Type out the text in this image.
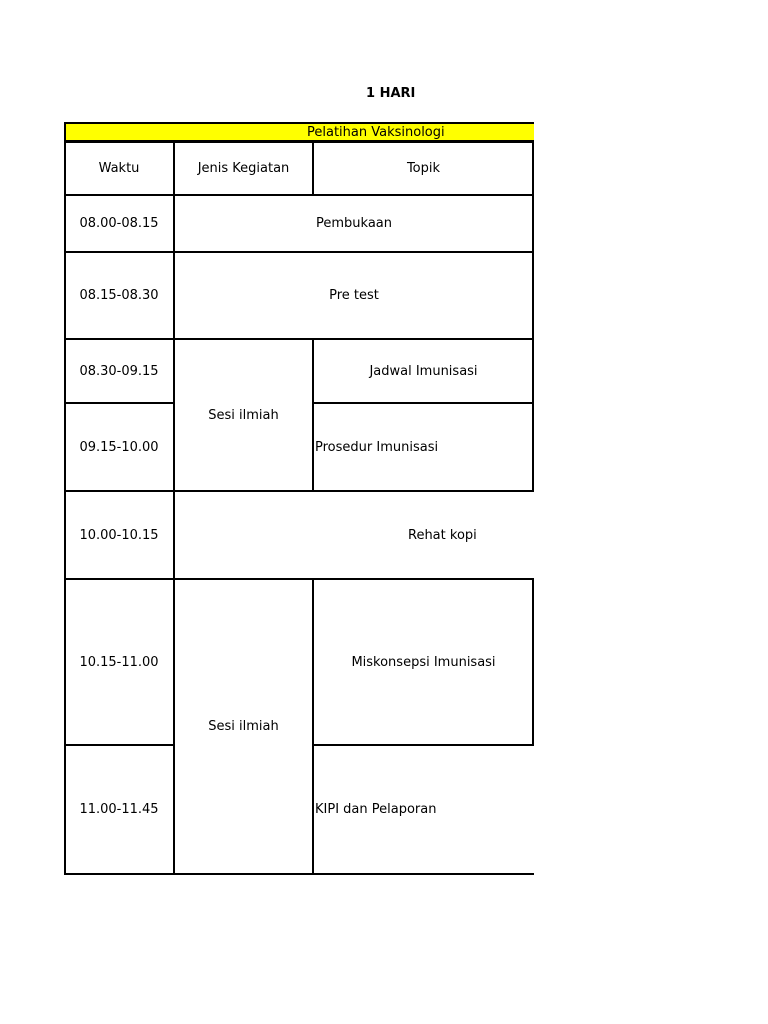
1 HARI
Pelatihan Vaksinologi
Waktu	Jenis Kegiatan	Topik
08.00-08.15
08.15-08.30
08.30-09.15
09.15-10.00
10.00-10.15
10.15-11.00
11.00-11.45
Pembukaan
Pre test
Rehat kopi
Sesi ilmiah
Sesi ilmiah
Jadwal Imunisasi
Prosedur Imunisasi
Miskonsepsi Imunisasi
KIPI dan Pelaporan
